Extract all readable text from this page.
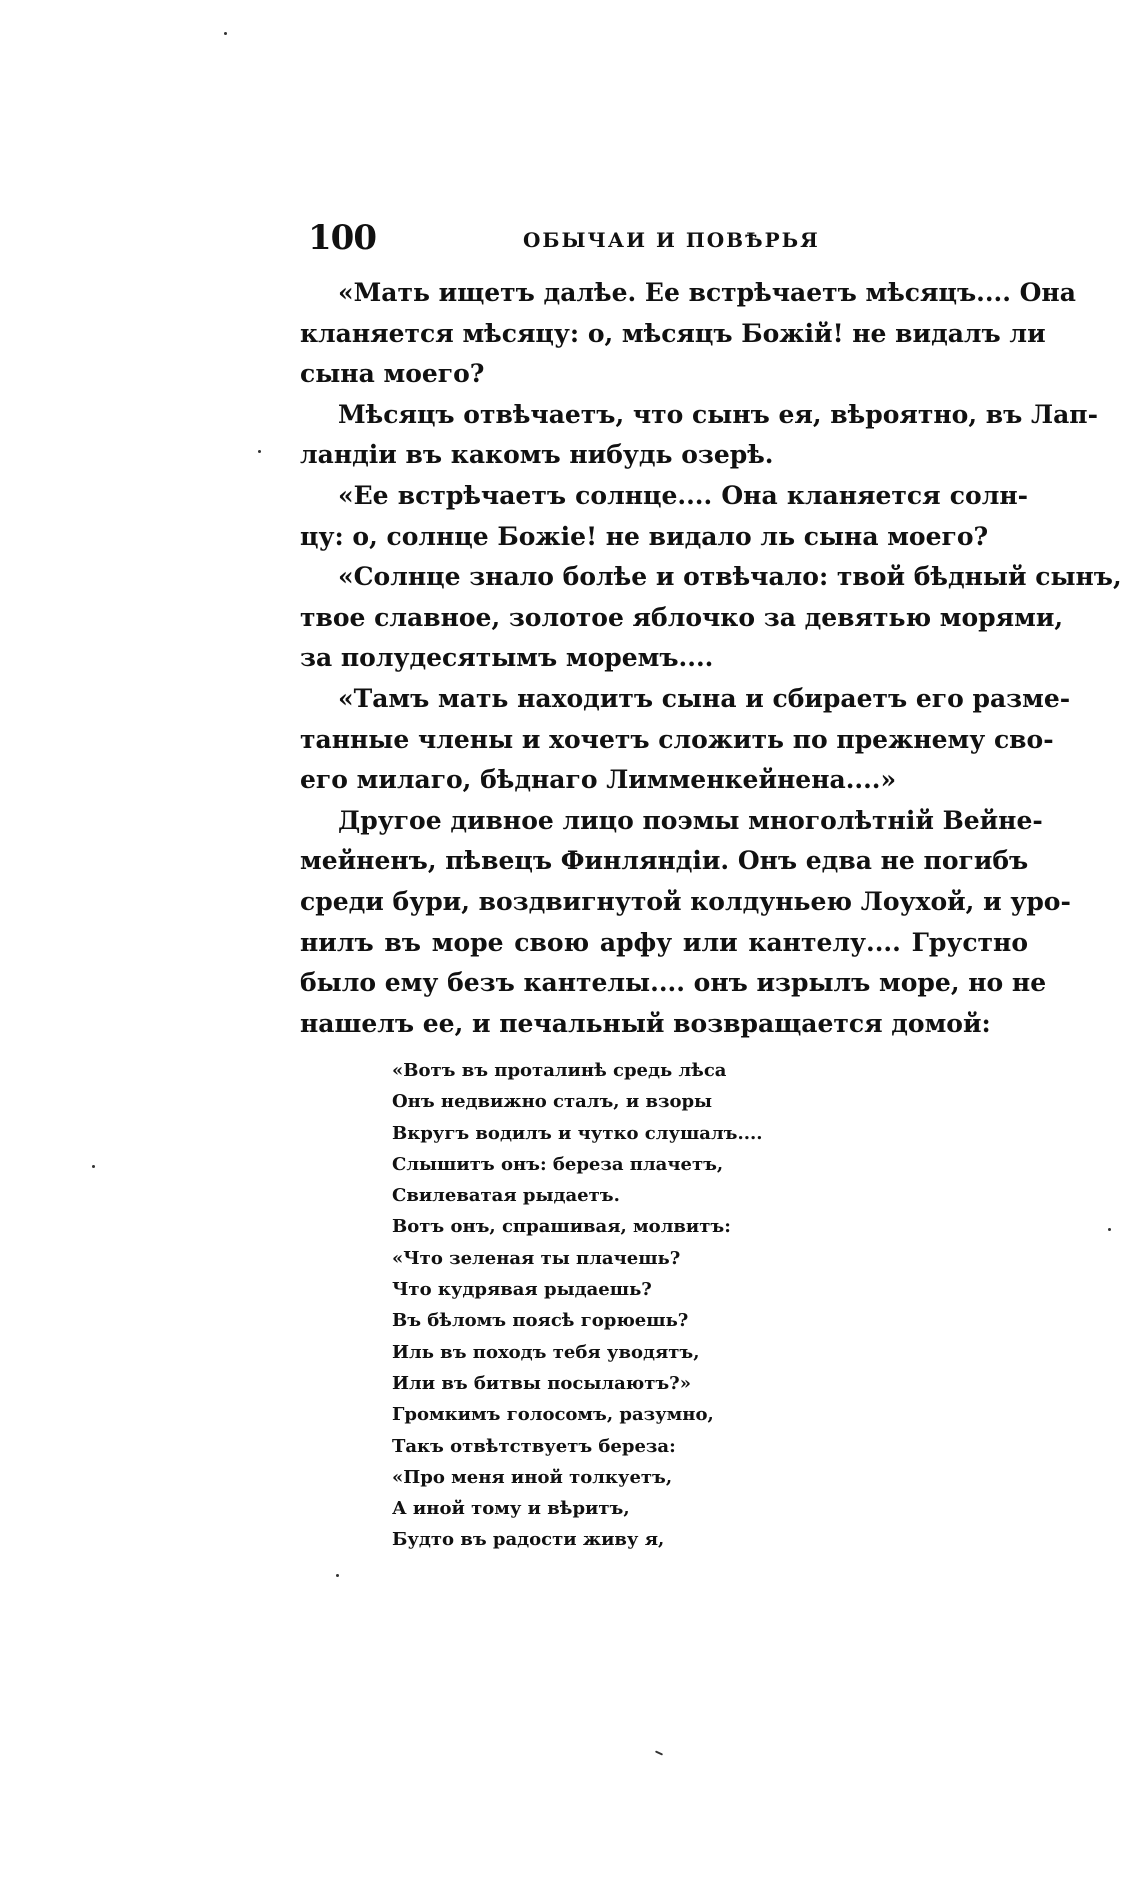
100	ОБЫЧАИ И ПОВѢРЬЯ
«Мать ищетъ далѣе. Ее встрѣчаетъ мѣсяцъ.... Она
кланяется мѣсяцу: о, мѣсяцъ Божій! не видалъ ли
сына моего?
Мѣсяцъ отвѣчаетъ, что сынъ ея, вѣроятно, въ Лап-
ландіи въ какомъ нибудь озерѣ.
«Ее встрѣчаетъ солнце.... Она кланяется солн-
цу: о, солнце Божіе! не видало ль сына моего?
«Солнце знало болѣе и отвѣчало: твой бѣдный сынъ,
твое славное, золотое яблочко за девятью морями,
за полудесятымъ моремъ....
«Тамъ мать находитъ сына и сбираетъ его разме-
танные члены и хочетъ сложить по прежнему сво-
его милаго, бѣднаго Лимменкейнена....»
Другое дивное лицо поэмы многолѣтній Вейне-
мейненъ, пѣвецъ Финляндіи. Онъ едва не погибъ
среди бури, воздвигнутой колдуньею Лоухой, и уро-
нилъ въ море свою арфу или кантелу.... Грустно
было ему безъ кантелы.... онъ изрылъ море, но не
нашелъ ее, и печальный возвращается домой:
«Вотъ въ проталинѣ средь лѣса
Онъ недвижно сталъ, и взоры
Вкругъ водилъ и чутко слушалъ....
Слышитъ онъ: береза плачетъ,
Свилеватая рыдаетъ.
Вотъ онъ, спрашивая, молвитъ:
«Что зеленая ты плачешь?
Что кудрявая рыдаешь?
Въ бѣломъ поясѣ горюешь?
Иль въ походъ тебя уводятъ,
Или въ битвы посылаютъ?»
Громкимъ голосомъ, разумно,
Такъ отвѣтствуетъ береза:
«Про меня иной толкуетъ,
А иной тому и вѣритъ,
Будто въ радости живу я,
